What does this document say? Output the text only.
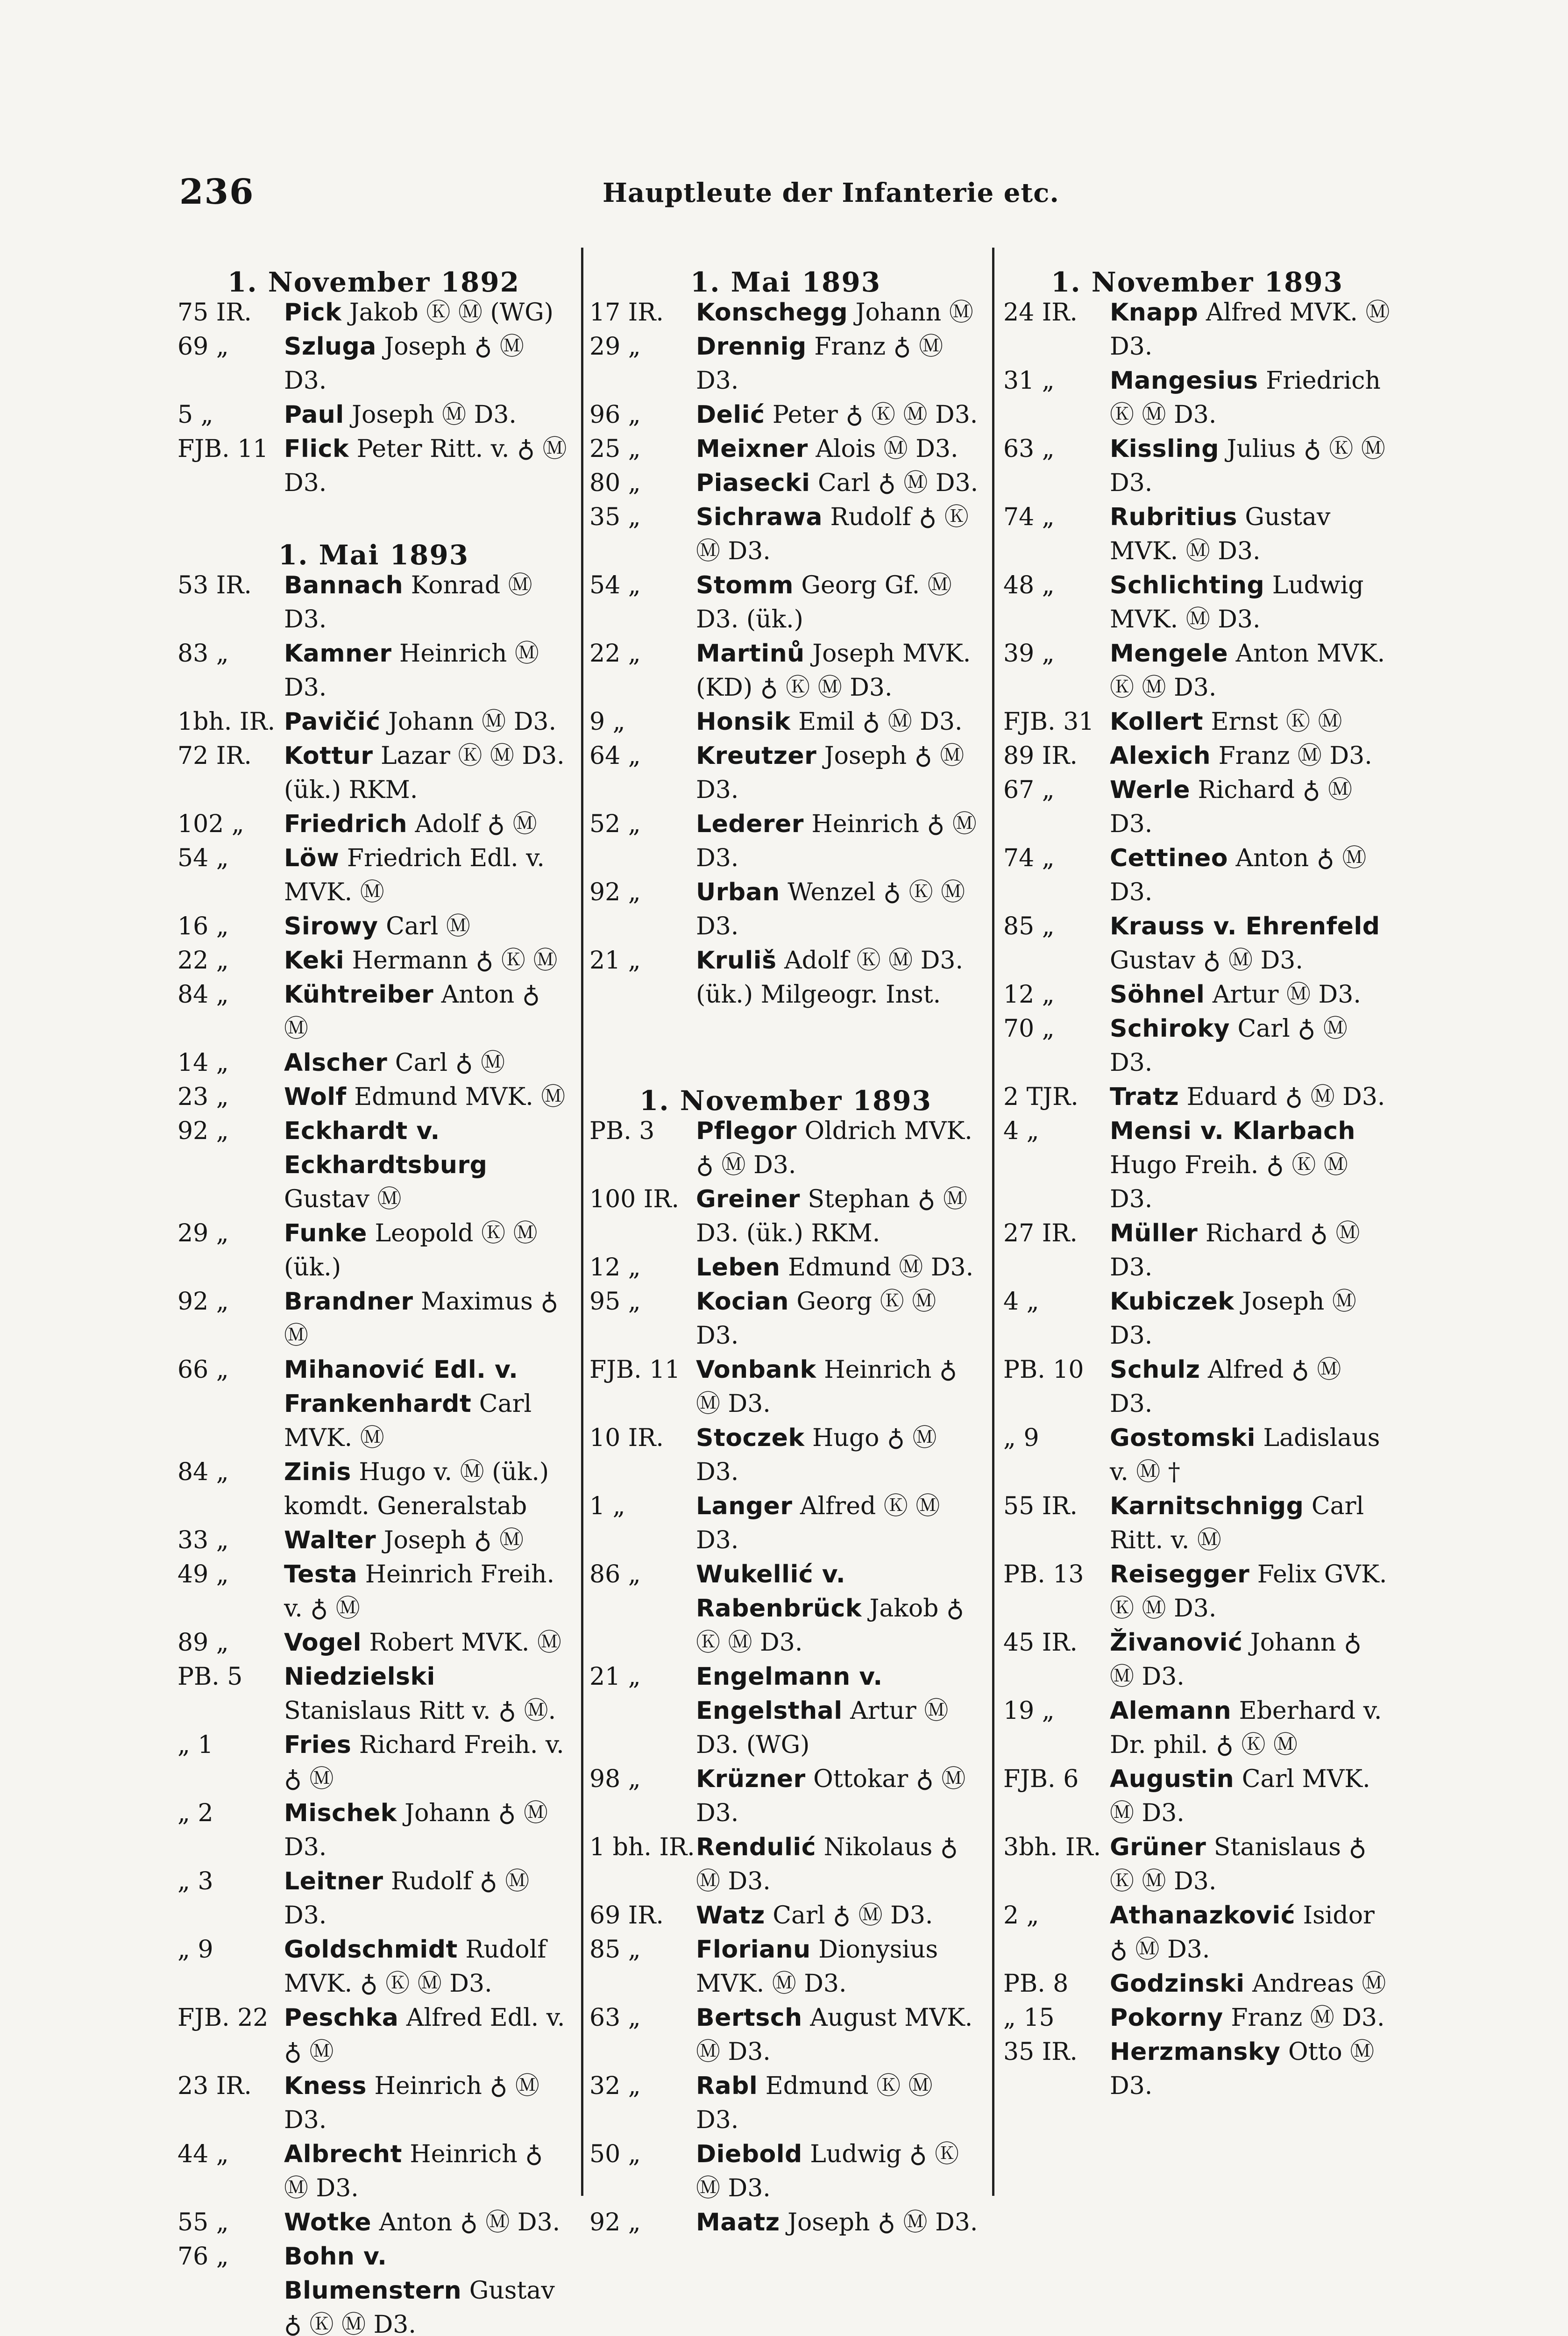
236	Hauptleute der Infanterie etc.
1. November 1892
75 IR.	Pick Jakob Ⓚ Ⓜ (WG)
69 „	Szluga Joseph ♁ Ⓜ D3.
5 „	Paul Joseph Ⓜ D3.
FJB. 11 Flick Peter Ritt. v. ♁ Ⓜ D3.
1. Mai 1893
53 IR.	Bannach Konrad Ⓜ D3.
83 „	Kamner Heinrich Ⓜ D3.
1bh. IR. Pavičić Johann Ⓜ D3.
72 IR.	Kottur Lazar Ⓚ Ⓜ D3. (ük.) RKM.
102 „	Friedrich Adolf ♁ Ⓜ
54 „	Löw Friedrich Edl. v. MVK. Ⓜ
16 „	Sirowy Carl Ⓜ
22 „	Keki Hermann ♁ Ⓚ Ⓜ
84 „	Kühtreiber Anton ♁ Ⓜ
14 „	Alscher Carl ♁ Ⓜ
23 „	Wolf Edmund MVK. Ⓜ
92 „	Eckhardt v. Eckhardtsburg Gustav Ⓜ
29 „	Funke Leopold Ⓚ Ⓜ (ük.)
92 „	Brandner Maximus ♁ Ⓜ
66 „	Mihanović Edl. v. Frankenhardt Carl MVK. Ⓜ
84 „	Zinis Hugo v. Ⓜ (ük.) komdt. Generalstab
33 „	Walter Joseph ♁ Ⓜ
49 „	Testa Heinrich Freih. v. ♁ Ⓜ
89 „	Vogel Robert MVK. Ⓜ
PB. 5	Niedzielski Stanislaus Ritt v. ♁ Ⓜ.
„ 1	Fries Richard Freih. v. ♁ Ⓜ
„ 2	Mischek Johann ♁ Ⓜ D3.
„ 3	Leitner Rudolf ♁ Ⓜ D3.
„ 9	Goldschmidt Rudolf MVK. ♁ Ⓚ Ⓜ D3.
FJB. 22 Peschka Alfred Edl. v. ♁ Ⓜ
23 IR.	Kness Heinrich ♁ Ⓜ D3.
44 „	Albrecht Heinrich ♁ Ⓜ D3.
55 „	Wotke Anton ♁ Ⓜ D3.
76 „	Bohn v. Blumenstern Gustav ♁ Ⓚ Ⓜ D3.
1. Mai 1893
17 IR.	Konschegg Johann Ⓜ
29 „	Drennig Franz ♁ Ⓜ D3.
96 „	Delić Peter ♁ Ⓚ Ⓜ D3.
25 „	Meixner Alois Ⓜ D3.
80 „	Piasecki Carl ♁ Ⓜ D3.
35 „	Sichrawa Rudolf ♁ Ⓚ Ⓜ D3.
54 „	Stomm Georg Gf. Ⓜ D3. (ük.)
22 „	Martinů Joseph MVK. (KD) ♁ Ⓚ Ⓜ D3.
9 „	Honsik Emil ♁ Ⓜ D3.
64 „	Kreutzer Joseph ♁ Ⓜ D3.
52 „	Lederer Heinrich ♁ Ⓜ D3.
92 „	Urban Wenzel ♁ Ⓚ Ⓜ D3.
21 „	Kruliš Adolf Ⓚ Ⓜ D3. (ük.) Milgeogr. Inst.
1. November 1893
PB. 3	Pflegor Oldrich MVK. ♁ Ⓜ D3.
100 IR. Greiner Stephan ♁ Ⓜ D3. (ük.) RKM.
12 „	Leben Edmund Ⓜ D3.
95 „	Kocian Georg Ⓚ Ⓜ D3.
FJB. 11 Vonbank Heinrich ♁ Ⓜ D3.
10 IR.	Stoczek Hugo ♁ Ⓜ D3.
1 „	Langer Alfred Ⓚ Ⓜ D3.
86 „	Wukellić v. Rabenbrück Jakob ♁ Ⓚ Ⓜ D3.
21 „	Engelmann v. Engelsthal Artur Ⓜ D3. (WG)
98 „	Krüzner Ottokar ♁ Ⓜ D3.
1 bh. IR. Rendulić Nikolaus ♁ Ⓜ D3.
69 IR.	Watz Carl ♁ Ⓜ D3.
85 „	Florianu Dionysius MVK. Ⓜ D3.
63 „	Bertsch August MVK. Ⓜ D3.
32 „	Rabl Edmund Ⓚ Ⓜ D3.
50 „	Diebold Ludwig ♁ Ⓚ Ⓜ D3.
92 „	Maatz Joseph ♁ Ⓜ D3.
1. November 1893
24 IR.	Knapp Alfred MVK. Ⓜ D3.
31 „	Mangesius Friedrich Ⓚ Ⓜ D3.
63 „	Kissling Julius ♁ Ⓚ Ⓜ D3.
74 „	Rubritius Gustav MVK. Ⓜ D3.
48 „	Schlichting Ludwig MVK. Ⓜ D3.
39 „	Mengele Anton MVK. Ⓚ Ⓜ D3.
FJB. 31 Kollert Ernst Ⓚ Ⓜ
89 IR.	Alexich Franz Ⓜ D3.
67 „	Werle Richard ♁ Ⓜ D3.
74 „	Cettineo Anton ♁ Ⓜ D3.
85 „	Krauss v. Ehrenfeld Gustav ♁ Ⓜ D3.
12 „	Söhnel Artur Ⓜ D3.
70 „	Schiroky Carl ♁ Ⓜ D3.
2 TJR.	Tratz Eduard ♁ Ⓜ D3.
4 „	Mensi v. Klarbach Hugo Freih. ♁ Ⓚ Ⓜ D3.
27 IR.	Müller Richard ♁ Ⓜ D3.
4 „	Kubiczek Joseph Ⓜ D3.
PB. 10	Schulz Alfred ♁ Ⓜ D3.
„ 9	Gostomski Ladislaus v. Ⓜ †
55 IR.	Karnitschnigg Carl Ritt. v. Ⓜ
PB. 13	Reisegger Felix GVK. Ⓚ Ⓜ D3.
45 IR.	Živanović Johann ♁ Ⓜ D3.
19 „	Alemann Eberhard v. Dr. phil. ♁ Ⓚ Ⓜ
FJB. 6	Augustin Carl MVK. Ⓜ D3.
3bh. IR. Grüner Stanislaus ♁ Ⓚ Ⓜ D3.
2 „	Athanazković Isidor ♁ Ⓜ D3.
PB. 8	Godzinski Andreas Ⓜ
„ 15	Pokorny Franz Ⓜ D3.
35 IR.	Herzmansky Otto Ⓜ D3.
